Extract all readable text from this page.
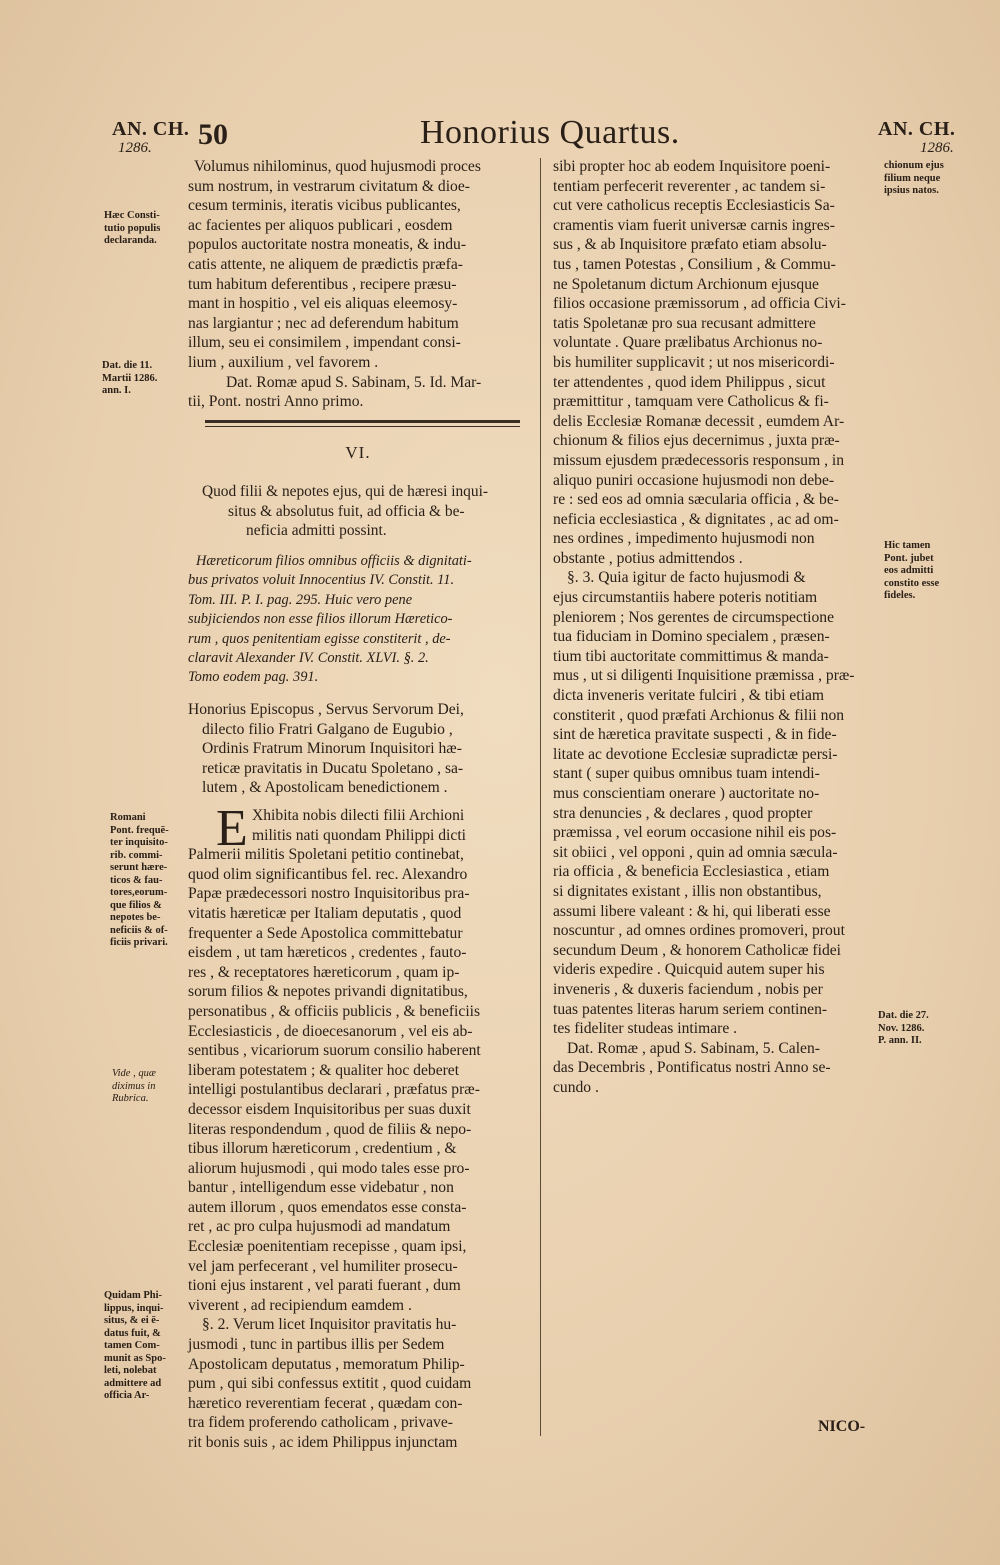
AN. CH.
1286. 50	Honorius Quartus.	AN. CH.
1286.
Hæc Consti-
tutio populis
declaranda.
Dat. die 11.
Martii 1286.
ann. I.
Romani
Pont. frequē-
ter inquisito-
rib. commi-
serunt hære-
ticos & fau-
tores,eorum-
que filios &
nepotes be-
neficiis & of-
ficiis privari.
Vide , quæ
diximus in
Rubrica.
Quidam Phi-
lippus, inqui-
situs, & ei ē-
datus fuit, &
tamen Com-
munit as Spo-
leti, nolebat
admittere ad
officia Ar-
chionum ejus
filium neque
ipsius natos.
Hic tamen
Pont. jubet
eos admitti
constito esse
fideles.
Dat. die 27.
Nov. 1286.
P. ann. II.
Volumus nihilominus, quod hujusmodi proces
sum nostrum, in vestrarum civitatum & dioe-
cesum terminis, iteratis vicibus publicantes,
ac facientes per aliquos publicari , eosdem
populos auctoritate nostra moneatis, & indu-
catis attente, ne aliquem de prædictis præfa-
tum habitum deferentibus , recipere præsu-
mant in hospitio , vel eis aliquas eleemosy-
nas largiantur ; nec ad deferendum habitum
illum, seu ei consimilem , impendant consi-
lium , auxilium , vel favorem .
Dat. Romæ apud S. Sabinam, 5. Id. Mar-
tii, Pont. nostri Anno primo.
VI.
Quod filii & nepotes ejus, qui de hæresi inqui-
situs & absolutus fuit, ad officia & be-
neficia admitti possint.
Hæreticorum filios omnibus officiis & dignitati-
bus privatos voluit Innocentius IV. Constit. 11.
Tom. III. P. I. pag. 295. Huic vero pene
subjiciendos non esse filios illorum Hæretico-
rum , quos penitentiam egisse constiterit , de-
claravit Alexander IV. Constit. XLVI. §. 2.
Tomo eodem pag. 391.
Honorius Episcopus , Servus Servorum Dei,
dilecto filio Fratri Galgano de Eugubio ,
Ordinis Fratrum Minorum Inquisitori hæ-
reticæ pravitatis in Ducatu Spoletano , sa-
lutem , & Apostolicam benedictionem .
E Xhibita nobis dilecti filii Archioni
militis nati quondam Philippi dicti
Palmerii militis Spoletani petitio continebat,
quod olim significantibus fel. rec. Alexandro
Papæ prædecessori nostro Inquisitoribus pra-
vitatis hæreticæ per Italiam deputatis , quod
frequenter a Sede Apostolica committebatur
eisdem , ut tam hæreticos , credentes , fauto-
res , & receptatores hæreticorum , quam ip-
sorum filios & nepotes privandi dignitatibus,
personatibus , & officiis publicis , & beneficiis
Ecclesiasticis , de dioecesanorum , vel eis ab-
sentibus , vicariorum suorum consilio haberent
liberam potestatem ; & qualiter hoc deberet
intelligi postulantibus declarari , præfatus præ-
decessor eisdem Inquisitoribus per suas duxit
literas respondendum , quod de filiis & nepo-
tibus illorum hæreticorum , credentium , &
aliorum hujusmodi , qui modo tales esse pro-
bantur , intelligendum esse videbatur , non
autem illorum , quos emendatos esse consta-
ret , ac pro culpa hujusmodi ad mandatum
Ecclesiæ poenitentiam recepisse , quam ipsi,
vel jam perfecerant , vel humiliter prosecu-
tioni ejus instarent , vel parati fuerant , dum
viverent , ad recipiendum eamdem .
§. 2. Verum licet Inquisitor pravitatis hu-
jusmodi , tunc in partibus illis per Sedem
Apostolicam deputatus , memoratum Philip-
pum , qui sibi confessus extitit , quod cuidam
hæretico reverentiam fecerat , quædam con-
tra fidem proferendo catholicam , privave-
rit bonis suis , ac idem Philippus injunctam
sibi propter hoc ab eodem Inquisitore poeni-
tentiam perfecerit reverenter , ac tandem si-
cut vere catholicus receptis Ecclesiasticis Sa-
cramentis viam fuerit universæ carnis ingres-
sus , & ab Inquisitore præfato etiam absolu-
tus , tamen Potestas , Consilium , & Commu-
ne Spoletanum dictum Archionum ejusque
filios occasione præmissorum , ad officia Civi-
tatis Spoletanæ pro sua recusant admittere
voluntate . Quare prælibatus Archionus no-
bis humiliter supplicavit ; ut nos misericordi-
ter attendentes , quod idem Philippus , sicut
præmittitur , tamquam vere Catholicus & fi-
delis Ecclesiæ Romanæ decessit , eumdem Ar-
chionum & filios ejus decernimus , juxta præ-
missum ejusdem prædecessoris responsum , in
aliquo puniri occasione hujusmodi non debe-
re : sed eos ad omnia sæcularia officia , & be-
neficia ecclesiastica , & dignitates , ac ad om-
nes ordines , impedimento hujusmodi non
obstante , potius admittendos .
§. 3. Quia igitur de facto hujusmodi &
ejus circumstantiis habere poteris notitiam
pleniorem ; Nos gerentes de circumspectione
tua fiduciam in Domino specialem , præsen-
tium tibi auctoritate committimus & manda-
mus , ut si diligenti Inquisitione præmissa , præ-
dicta inveneris veritate fulciri , & tibi etiam
constiterit , quod præfati Archionus & filii non
sint de hæretica pravitate suspecti , & in fide-
litate ac devotione Ecclesiæ supradictæ persi-
stant ( super quibus omnibus tuam intendi-
mus conscientiam onerare ) auctoritate no-
stra denuncies , & declares , quod propter
præmissa , vel eorum occasione nihil eis pos-
sit obiici , vel opponi , quin ad omnia sæcula-
ria officia , & beneficia Ecclesiastica , etiam
si dignitates existant , illis non obstantibus,
assumi libere valeant : & hi, qui liberati esse
noscuntur , ad omnes ordines promoveri, prout
secundum Deum , & honorem Catholicæ fidei
videris expedire . Quicquid autem super his
inveneris , & duxeris faciendum , nobis per
tuas patentes literas harum seriem continen-
tes fideliter studeas intimare .
Dat. Romæ , apud S. Sabinam, 5. Calen-
das Decembris , Pontificatus nostri Anno se-
cundo .
NICO-
